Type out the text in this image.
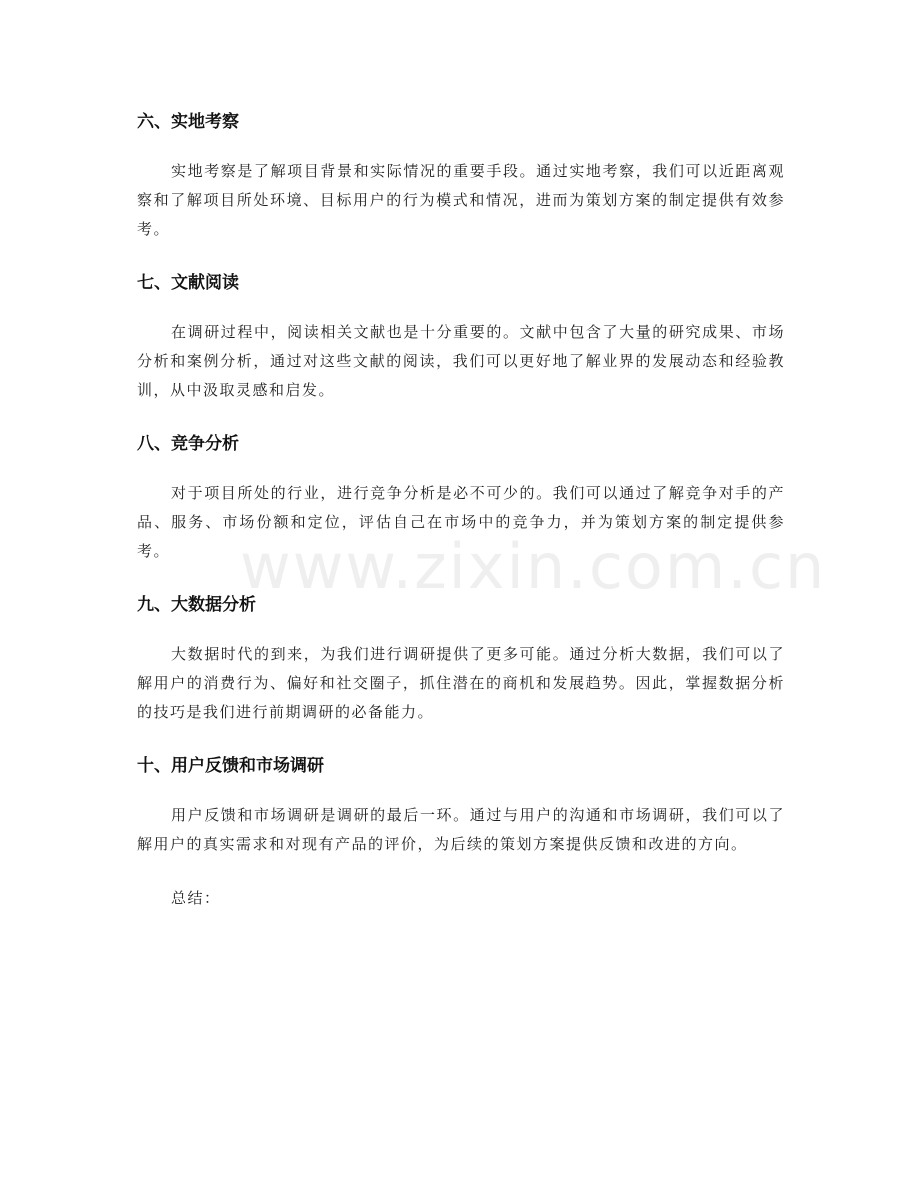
六、实地考察

实地考察是了解项目背景和实际情况的重要手段。通过实地考察，我们可以近距离观察和了解项目所处环境、目标用户的行为模式和情况，进而为策划方案的制定提供有效参考。

七、文献阅读

在调研过程中，阅读相关文献也是十分重要的。文献中包含了大量的研究成果、市场分析和案例分析，通过对这些文献的阅读，我们可以更好地了解业界的发展动态和经验教训，从中汲取灵感和启发。

八、竞争分析

对于项目所处的行业，进行竞争分析是必不可少的。我们可以通过了解竞争对手的产品、服务、市场份额和定位，评估自己在市场中的竞争力，并为策划方案的制定提供参考。

九、大数据分析

大数据时代的到来，为我们进行调研提供了更多可能。通过分析大数据，我们可以了解用户的消费行为、偏好和社交圈子，抓住潜在的商机和发展趋势。因此，掌握数据分析的技巧是我们进行前期调研的必备能力。

十、用户反馈和市场调研

用户反馈和市场调研是调研的最后一环。通过与用户的沟通和市场调研，我们可以了解用户的真实需求和对现有产品的评价，为后续的策划方案提供反馈和改进的方向。

总结：

www.zixin.com.cn
